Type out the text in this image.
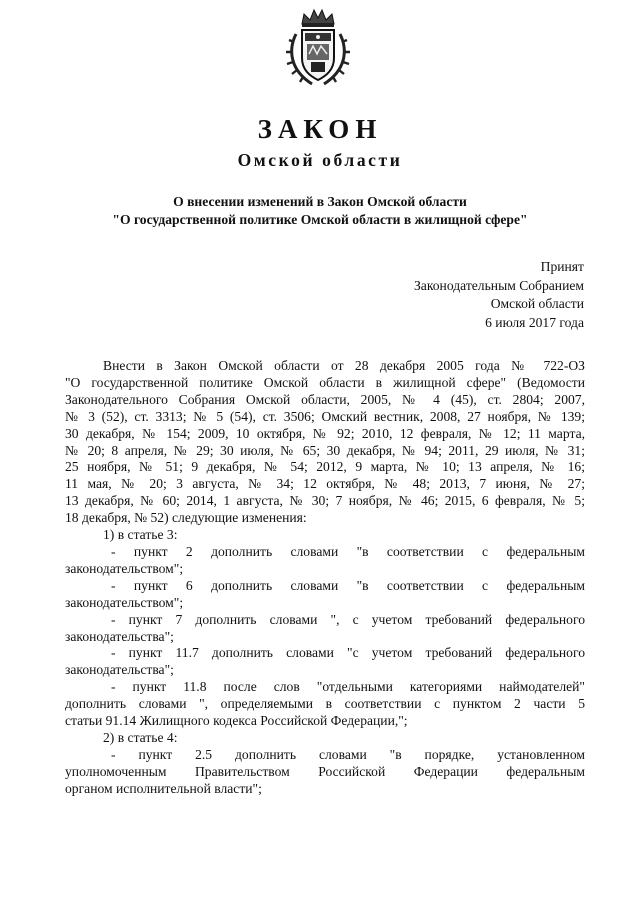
ЗАКОН
Омской области
О внесении изменений в Закон Омской области
"О государственной политике Омской области в жилищной сфере"
Принят
Законодательным Собранием
Омской области
6 июля 2017 года

Внести в Закон Омской области от 28 декабря 2005 года № 722-ОЗ

"О государственной политике Омской области в жилищной сфере" (Ведомости

Законодательного Собрания Омской области, 2005, № 4 (45), ст. 2804; 2007,

№ 3 (52), ст. 3313; № 5 (54), ст. 3506; Омский вестник, 2008, 27 ноября, № 139;

30 декабря, № 154; 2009, 10 октября, № 92; 2010, 12 февраля, № 12; 11 марта,

№ 20; 8 апреля, № 29; 30 июля, № 65; 30 декабря, № 94; 2011, 29 июля, № 31;

25 ноября, № 51; 9 декабря, № 54; 2012, 9 марта, № 10; 13 апреля, № 16;

11 мая, № 20; 3 августа, № 34; 12 октября, № 48; 2013, 7 июня, № 27;

13 декабря, № 60; 2014, 1 августа, № 30; 7 ноября, № 46; 2015, 6 февраля, № 5;

18 декабря, № 52) следующие изменения:

1) в статье 3:

- пункт 2 дополнить словами "в соответствии с федеральным

законодательством";

- пункт 6 дополнить словами "в соответствии с федеральным

законодательством";

- пункт 7 дополнить словами ", с учетом требований федерального

законодательства";

- пункт 11.7 дополнить словами "с учетом требований федерального

законодательства";

- пункт 11.8 после слов "отдельными категориями наймодателей"

дополнить словами ", определяемыми в соответствии с пунктом 2 части 5

статьи 91.14 Жилищного кодекса Российской Федерации,";

2) в статье 4:

- пункт 2.5 дополнить словами "в порядке, установленном

уполномоченным Правительством Российской Федерации федеральным

органом исполнительной власти";
